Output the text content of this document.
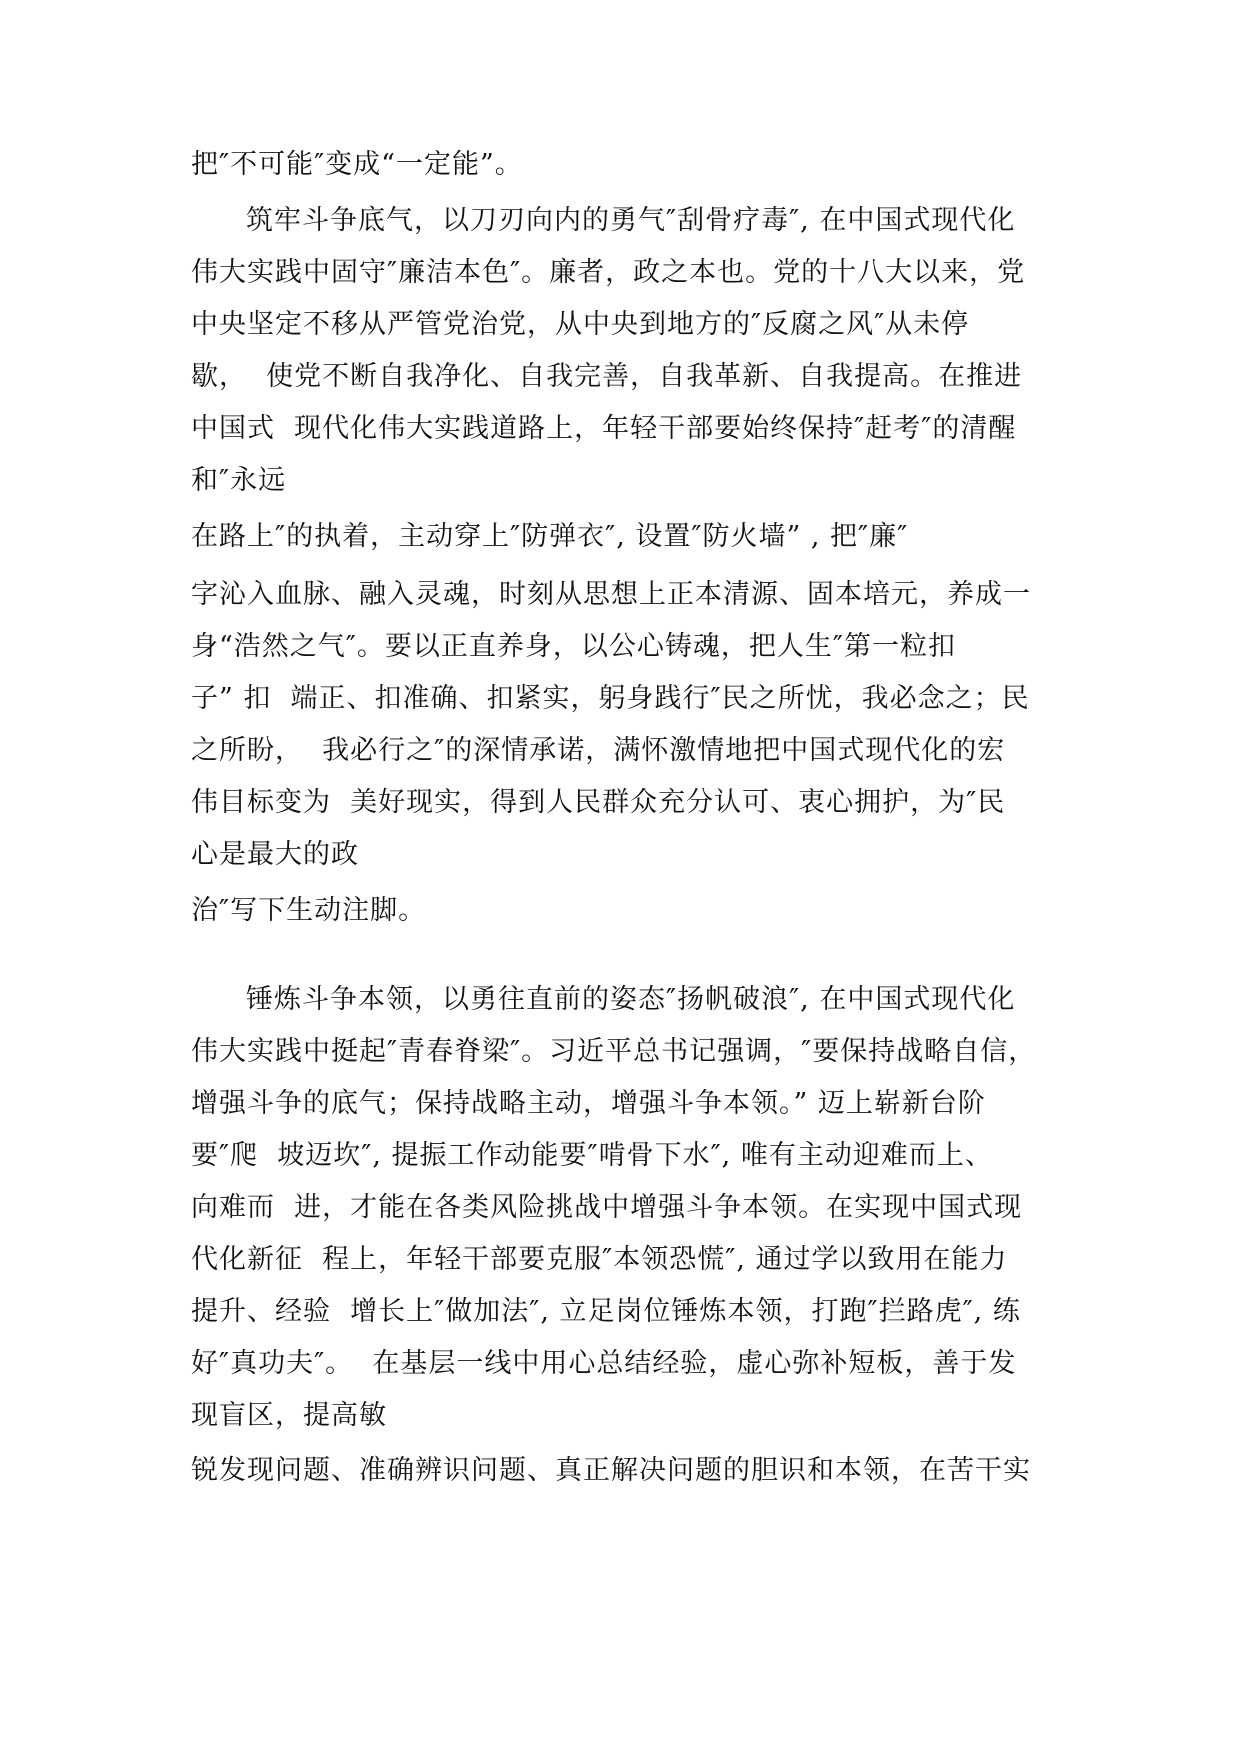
把″不可能″变成“一定能”。

筑牢斗争底气，以刀刃向内的勇气″刮骨疗毒″, 在中国式现代化

伟大实践中固守″廉洁本色″。廉者，政之本也。党的十八大以来，党

中央坚定不移从严管党治党，从中央到地方的″反腐之风″从未停

歇，  使党不断自我净化、自我完善，自我革新、自我提高。在推进

中国式  现代化伟大实践道路上，年轻干部要始终保持″赶考″的清醒

和″永远

在路上″的执着，主动穿上″防弹衣″, 设置″防火墙” , 把″廉″

字沁入血脉、融入灵魂，时刻从思想上正本清源、固本培元，养成一

身“浩然之气″。要以正直养身，以公心铸魂，把人生″第一粒扣

子” 扣  端正、扣准确、扣紧实，躬身践行″民之所忧，我必念之；民

之所盼，  我必行之″的深情承诺，满怀激情地把中国式现代化的宏

伟目标变为  美好现实，得到人民群众充分认可、衷心拥护，为″民

心是最大的政

治″写下生动注脚。

锤炼斗争本领，以勇往直前的姿态″扬帆破浪″, 在中国式现代化

伟大实践中挺起″青春脊梁″。习近平总书记强调，″要保持战略自信，

增强斗争的底气；保持战略主动，增强斗争本领。” 迈上崭新台阶

要″爬  坡迈坎″, 提振工作动能要″啃骨下水″, 唯有主动迎难而上、

向难而  进，才能在各类风险挑战中增强斗争本领。在实现中国式现

代化新征  程上，年轻干部要克服″本领恐慌″, 通过学以致用在能力

提升、经验  增长上″做加法″, 立足岗位锤炼本领，打跑″拦路虎″, 练

好″真功夫″。  在基层一线中用心总结经验，虚心弥补短板，善于发

现盲区，提高敏

锐发现问题、准确辨识问题、真正解决问题的胆识和本领，在苦干实
